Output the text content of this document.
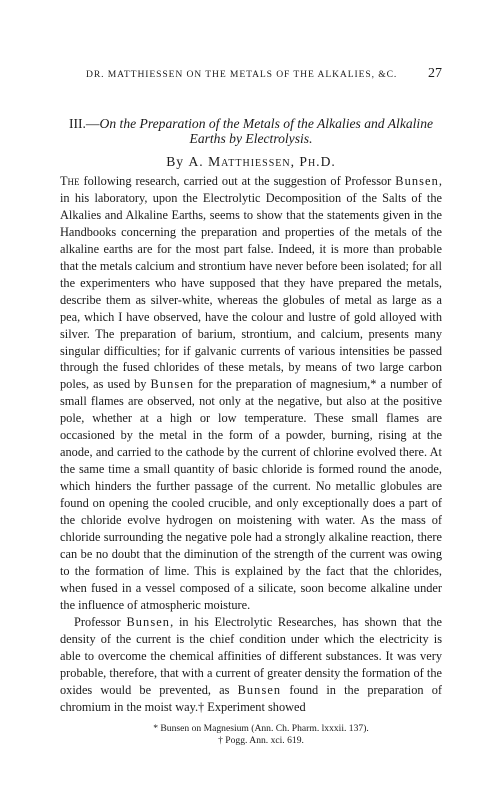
DR. MATTHIESSEN ON THE METALS OF THE ALKALIES, &C. 27
III.—On the Preparation of the Metals of the Alkalies and Alkaline Earths by Electrolysis.
By A. Matthiessen, Ph.D.

The following research, carried out at the suggestion of Professor Bunsen, in his laboratory, upon the Electrolytic Decomposition of the Salts of the Alkalies and Alkaline Earths, seems to show that the statements given in the Handbooks concerning the preparation and properties of the metals of the alkaline earths are for the most part false. Indeed, it is more than probable that the metals calcium and strontium have never before been isolated; for all the experimenters who have supposed that they have prepared the metals, describe them as silver-white, whereas the globules of metal as large as a pea, which I have observed, have the colour and lustre of gold alloyed with silver. The preparation of barium, strontium, and calcium, presents many singular difficulties; for if galvanic currents of various intensities be passed through the fused chlorides of these metals, by means of two large carbon poles, as used by Bunsen for the preparation of magnesium,* a number of small flames are observed, not only at the negative, but also at the positive pole, whether at a high or low temperature. These small flames are occasioned by the metal in the form of a powder, burning, rising at the anode, and carried to the cathode by the current of chlorine evolved there. At the same time a small quantity of basic chloride is formed round the anode, which hinders the further passage of the current. No metallic globules are found on opening the cooled crucible, and only exceptionally does a part of the chloride evolve hydrogen on moistening with water. As the mass of chloride surrounding the negative pole had a strongly alkaline reaction, there can be no doubt that the diminution of the strength of the current was owing to the formation of lime. This is explained by the fact that the chlorides, when fused in a vessel composed of a silicate, soon become alkaline under the influence of atmospheric moisture.

Professor Bunsen, in his Electrolytic Researches, has shown that the density of the current is the chief condition under which the electricity is able to overcome the chemical affinities of different substances. It was very probable, therefore, that with a current of greater density the formation of the oxides would be prevented, as Bunsen found in the preparation of chromium in the moist way.† Experiment showed

* Bunsen on Magnesium (Ann. Ch. Pharm. lxxxii. 137).
† Pogg. Ann. xci. 619.
